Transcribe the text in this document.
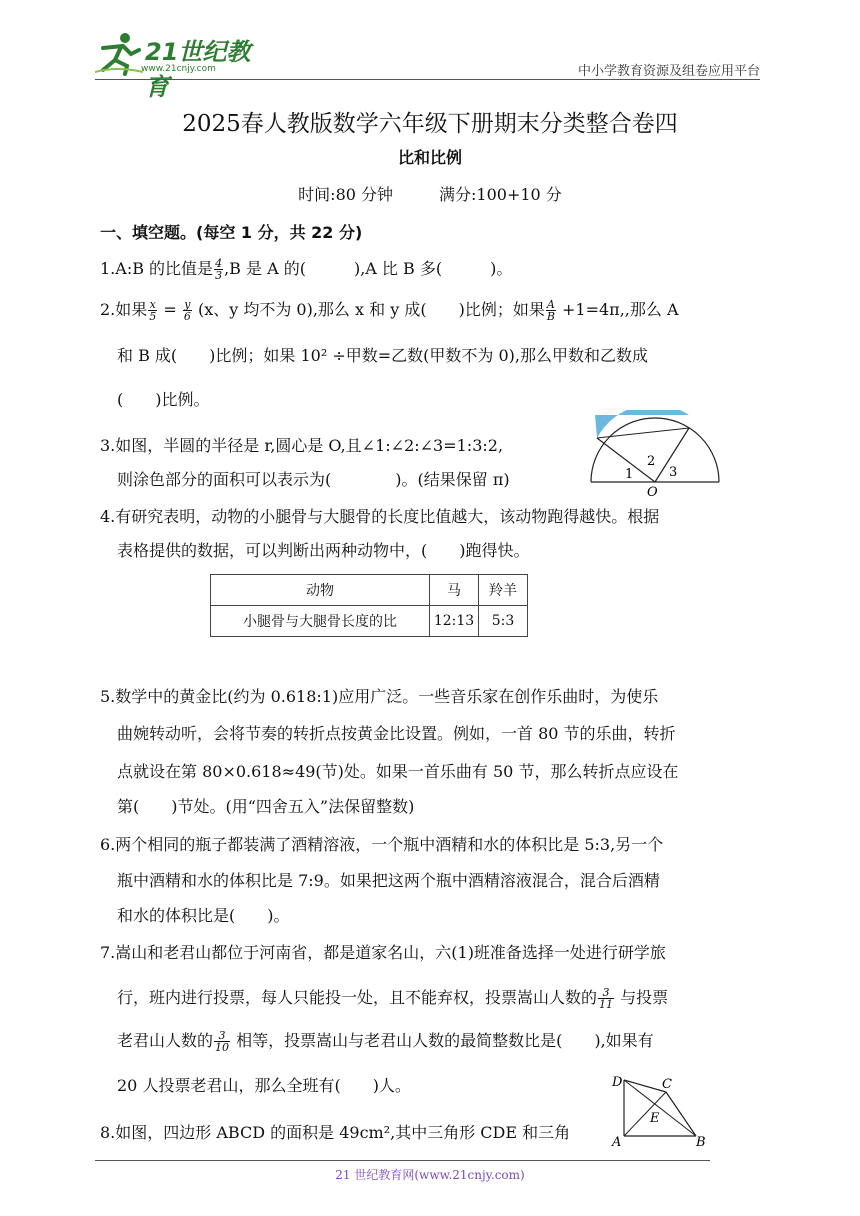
21世纪教育
www.21cnjy.com	中小学教育资源及组卷应用平台
2025春人教版数学六年级下册期末分类整合卷四
比和比例
时间:80 分钟	满分:100+10 分
一、填空题。(每空 1 分，共 22 分)
1.A:B 的比值是 $\frac{4}{3} ,B$ 是 A 的(　　　),A 比 B 多(　　　)。
2.如果 $\frac{x}{5} = \frac{y}{6} (x$、y 均不为 0),那么 x 和 y 成(　　)比例；如果 $\frac{A}{B} +1=4\pi$,,那么 A
和 B 成(　　)比例；如果 10² ÷甲数=乙数(甲数不为 0),那么甲数和乙数成
(　　)比例。
3.如图，半圆的半径是 r,圆心是 O,且∠1:∠2:∠3=1:3:2,
则涂色部分的面积可以表示为(　　　　)。(结果保留 π)	1
2
3
O
4.有研究表明，动物的小腿骨与大腿骨的长度比值越大，该动物跑得越快。根据
表格提供的数据，可以判断出两种动物中，(　　)跑得快。
动物	马	羚羊
小腿骨与大腿骨长度的比	12:13	5:3
5.数学中的黄金比(约为 0.618:1)应用广泛。一些音乐家在创作乐曲时，为使乐
曲婉转动听，会将节奏的转折点按黄金比设置。例如，一首 80 节的乐曲，转折
点就设在第 80×0.618≈49(节)处。如果一首乐曲有 50 节，那么转折点应设在
第(　　)节处。(用“四舍五入”法保留整数)
6.两个相同的瓶子都装满了酒精溶液，一个瓶中酒精和水的体积比是 5:3,另一个
瓶中酒精和水的体积比是 7:9。如果把这两个瓶中酒精溶液混合，混合后酒精
和水的体积比是(　　)。
7.嵩山和老君山都位于河南省，都是道家名山，六(1)班准备选择一处进行研学旅
行，班内进行投票，每人只能投一处，且不能弃权，投票嵩山人数的 $\frac{3}{11}$ 与投票
老君山人数的 $\frac{3}{10}$ 相等，投票嵩山与老君山人数的最简整数比是(　　),如果有
20 人投票老君山，那么全班有(　　)人。
8.如图，四边形 ABCD 的面积是 49cm²,其中三角形 CDE 和三角
D	C
E
A	B
21 世纪教育网(www.21cnjy.com)
